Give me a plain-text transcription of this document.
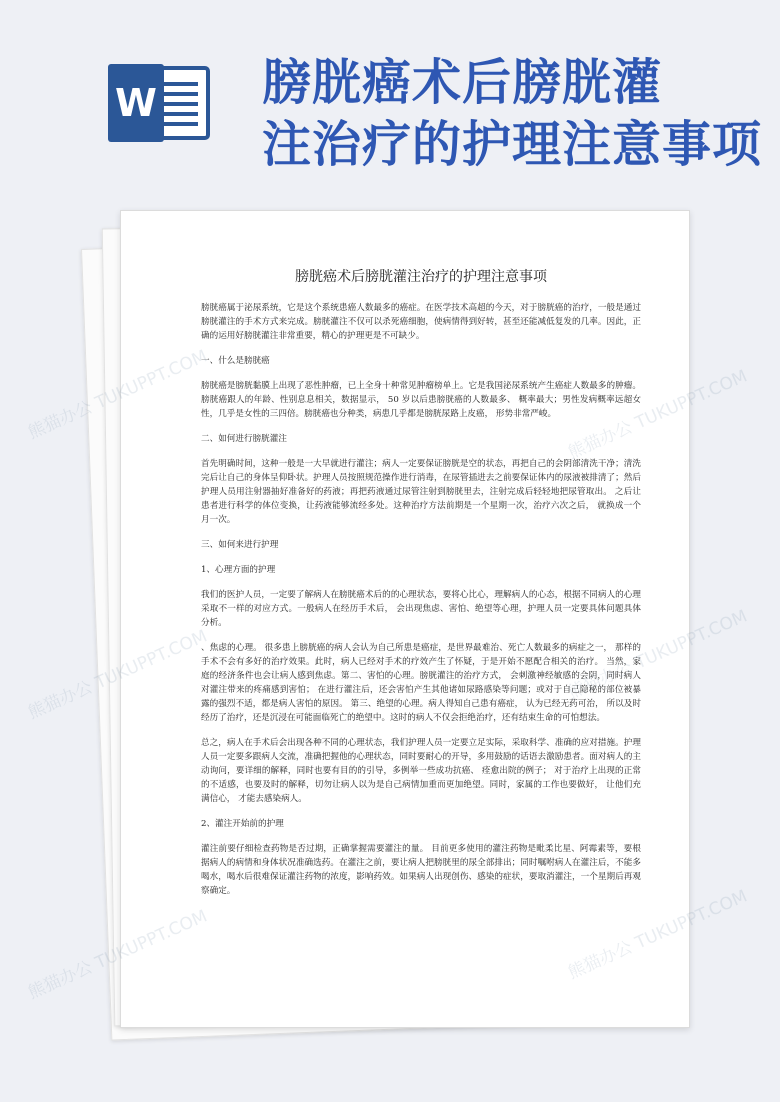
W 膀胱癌术后膀胱灌
注治疗的护理注意事项
膀胱癌术后膀胱灌注治疗的护理注意事项

膀胱癌属于泌尿系统，它是这个系统患癌人数最多的癌症。在医学技术高超的今天，对于膀胱癌的治疗，一般是通过膀胱灌注的手术方式来完成。膀胱灌注不仅可以杀死癌细胞，使病情得到好转，甚至还能减低复发的几率。因此，正确的运用好膀胱灌注非常重要，精心的护理更是不可缺少。

一、什么是膀胱癌

膀胱癌是膀胱黏膜上出现了恶性肿瘤，已上全身十种常见肿瘤榜单上。它是我国泌尿系统产生癌症人数最多的肿瘤。膀胱癌跟人的年龄、性别息息相关，数据显示， 50 岁以后患膀胱癌的人数最多、 概率最大；男性发病概率远超女性，几乎是女性的三四倍。膀胱癌也分种类，病患几乎都是膀胱尿路上皮癌， 形势非常严峻。

二、如何进行膀胱灌注

首先明确时间，这种一般是一大早就进行灌注；病人一定要保证膀胱是空的状态，再把自己的会阴部清洗干净；清洗完后让自己的身体呈仰卧状。护理人员按照规范操作进行消毒，在尿管插进去之前要保证体内的尿液被排清了；然后护理人员用注射器抽好准备好的药液；再把药液通过尿管注射到膀胱里去，注射完成后轻轻地把尿管取出。 之后让患者进行科学的体位变换，让药液能够流经多处。这种治疗方法前期是一个星期一次，治疗六次之后， 就换成一个月一次。

三、如何来进行护理

1、心理方面的护理

我们的医护人员，一定要了解病人在膀胱癌术后的的心理状态，要将心比心，理解病人的心态，根据不同病人的心理采取不一样的对应方式。一般病人在经历手术后， 会出现焦虑、害怕、绝望等心理，护理人员一定要具体问题具体分析。

、焦虑的心理。 很多患上膀胱癌的病人会认为自己所患是癌症，是世界最难治、死亡人数最多的病症之一， 那样的手术不会有多好的治疗效果。此时，病人已经对手术的疗效产生了怀疑，于是开始不愿配合相关的治疗。 当然，家庭的经济条件也会让病人感到焦虑。第二、害怕的心理。膀胱灌注的治疗方式， 会刺激神经敏感的会阴，同时病人对灌注带来的疼痛感到害怕； 在进行灌注后，还会害怕产生其他诸如尿路感染等问题；或对于自己隐秘的部位被暴露的强烈不适，都是病人害怕的原因。 第三、绝望的心理。病人得知自己患有癌症， 认为已经无药可治， 所以及时经历了治疗，还是沉浸在可能面临死亡的绝望中。这时的病人不仅会拒绝治疗，还有结束生命的可怕想法。

总之，病人在手术后会出现各种不同的心理状态，我们护理人员一定要立足实际，采取科学、准确的应对措施。护理人员一定要多跟病人交流，准确把握他的心理状态，同时要耐心的开导，多用鼓励的话语去激励患者。面对病人的主动询问，要详细的解释，同时也要有目的的引导，多例举一些成功抗癌、 痊愈出院的例子； 对于治疗上出现的正常的不适感，也要及时的解释，切勿让病人以为是自己病情加重而更加绝望。同时，家属的工作也要做好， 让他们充满信心， 才能去感染病人。

2、灌注开始前的护理

灌注前要仔细检查药物是否过期，正确掌握需要灌注的量。 目前更多使用的灌注药物是毗柔比星、阿霉素等，要根据病人的病情和身体状况准确选药。在灌注之前，要让病人把膀胱里的尿全部排出；同时嘱咐病人在灌注后，不能多喝水，喝水后很难保证灌注药物的浓度，影响药效。如果病人出现创伤、感染的症状，要取消灌注，一个星期后再观察确定。

熊猫办公	TUKUPPT.COM
熊猫办公
TUKUPPT.COM
熊猫办公
TUKUPPT.COM
